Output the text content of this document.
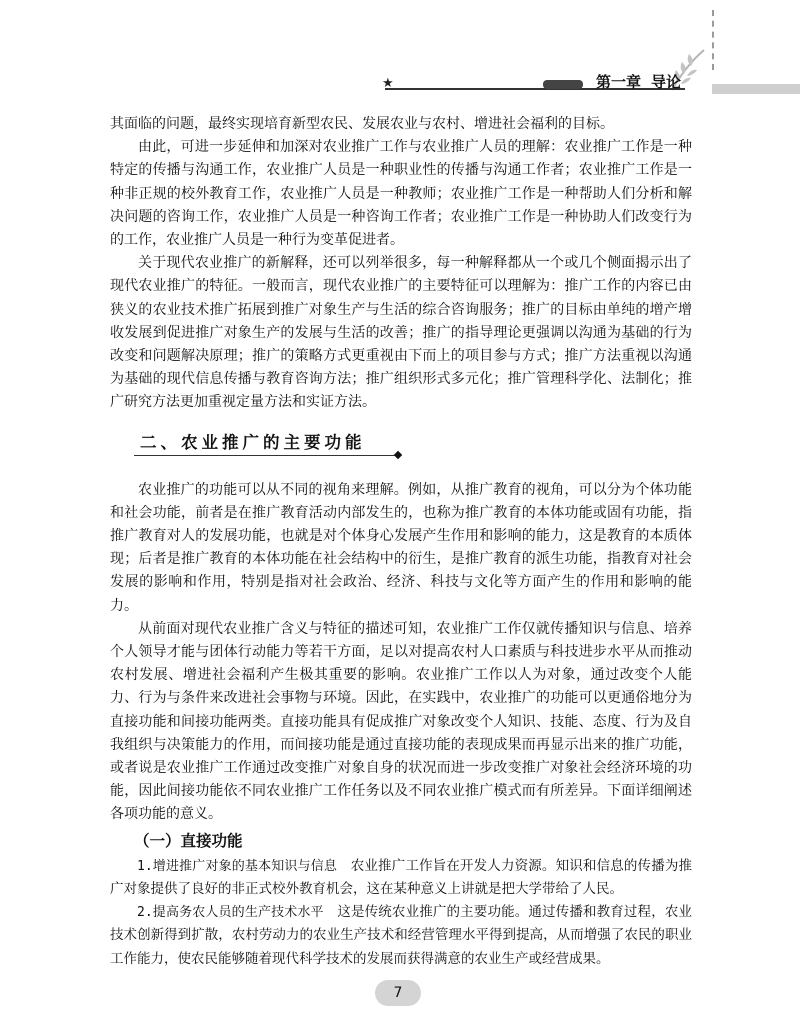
★	第一章 导论

其面临的问题，最终实现培育新型农民、发展农业与农村、增进社会福利的目标。

由此，可进一步延伸和加深对农业推广工作与农业推广人员的理解：农业推广工作是一种特定的传播与沟通工作，农业推广人员是一种职业性的传播与沟通工作者；农业推广工作是一种非正规的校外教育工作，农业推广人员是一种教师；农业推广工作是一种帮助人们分析和解决问题的咨询工作，农业推广人员是一种咨询工作者；农业推广工作是一种协助人们改变行为的工作，农业推广人员是一种行为变革促进者。

关于现代农业推广的新解释，还可以列举很多，每一种解释都从一个或几个侧面揭示出了现代农业推广的特征。一般而言，现代农业推广的主要特征可以理解为：推广工作的内容已由狭义的农业技术推广拓展到推广对象生产与生活的综合咨询服务；推广的目标由单纯的增产增收发展到促进推广对象生产的发展与生活的改善；推广的指导理论更强调以沟通为基础的行为改变和问题解决原理；推广的策略方式更重视由下而上的项目参与方式；推广方法重视以沟通为基础的现代信息传播与教育咨询方法；推广组织形式多元化；推广管理科学化、法制化；推广研究方法更加重视定量方法和实证方法。

二、农业推广的主要功能

农业推广的功能可以从不同的视角来理解。例如，从推广教育的视角，可以分为个体功能和社会功能，前者是在推广教育活动内部发生的，也称为推广教育的本体功能或固有功能，指推广教育对人的发展功能，也就是对个体身心发展产生作用和影响的能力，这是教育的本质体现；后者是推广教育的本体功能在社会结构中的衍生，是推广教育的派生功能，指教育对社会发展的影响和作用，特别是指对社会政治、经济、科技与文化等方面产生的作用和影响的能力。

从前面对现代农业推广含义与特征的描述可知，农业推广工作仅就传播知识与信息、培养个人领导才能与团体行动能力等若干方面，足以对提高农村人口素质与科技进步水平从而推动农村发展、增进社会福利产生极其重要的影响。农业推广工作以人为对象，通过改变个人能力、行为与条件来改进社会事物与环境。因此，在实践中，农业推广的功能可以更通俗地分为直接功能和间接功能两类。直接功能具有促成推广对象改变个人知识、技能、态度、行为及自我组织与决策能力的作用，而间接功能是通过直接功能的表现成果而再显示出来的推广功能，或者说是农业推广工作通过改变推广对象自身的状况而进一步改变推广对象社会经济环境的功能，因此间接功能依不同农业推广工作任务以及不同农业推广模式而有所差异。下面详细阐述各项功能的意义。

（一）直接功能

1.增进推广对象的基本知识与信息　农业推广工作旨在开发人力资源。知识和信息的传播为推广对象提供了良好的非正式校外教育机会，这在某种意义上讲就是把大学带给了人民。

2.提高务农人员的生产技术水平　这是传统农业推广的主要功能。通过传播和教育过程，农业技术创新得到扩散，农村劳动力的农业生产技术和经营管理水平得到提高，从而增强了农民的职业工作能力，使农民能够随着现代科学技术的发展而获得满意的农业生产或经营成果。

7
